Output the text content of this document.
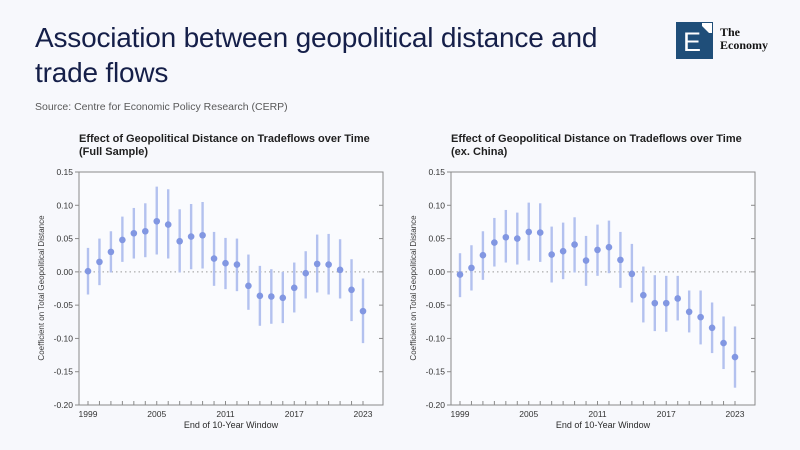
Association between geopolitical distance and
trade flows
E The
Economy
Source: Centre for Economic Policy Research (CERP)
Effect of Geopolitical Distance on Tradeflows over Time
(Full Sample)
Coefficient on Total Geopolitical Distance
End of 10-Year Window
0.15
0.10
0.05
0.00
-0.05
-0.10
-0.15
-0.20
1999	2005	2011	2017	2023
Effect of Geopolitical Distance on Tradeflows over Time
(ex. China)
Coefficient on Total Geopolitical Distance
End of 10-Year Window
0.15
0.10
0.05
0.00
-0.05
-0.10
-0.15
-0.20
1999	2005	2011	2017	2023
